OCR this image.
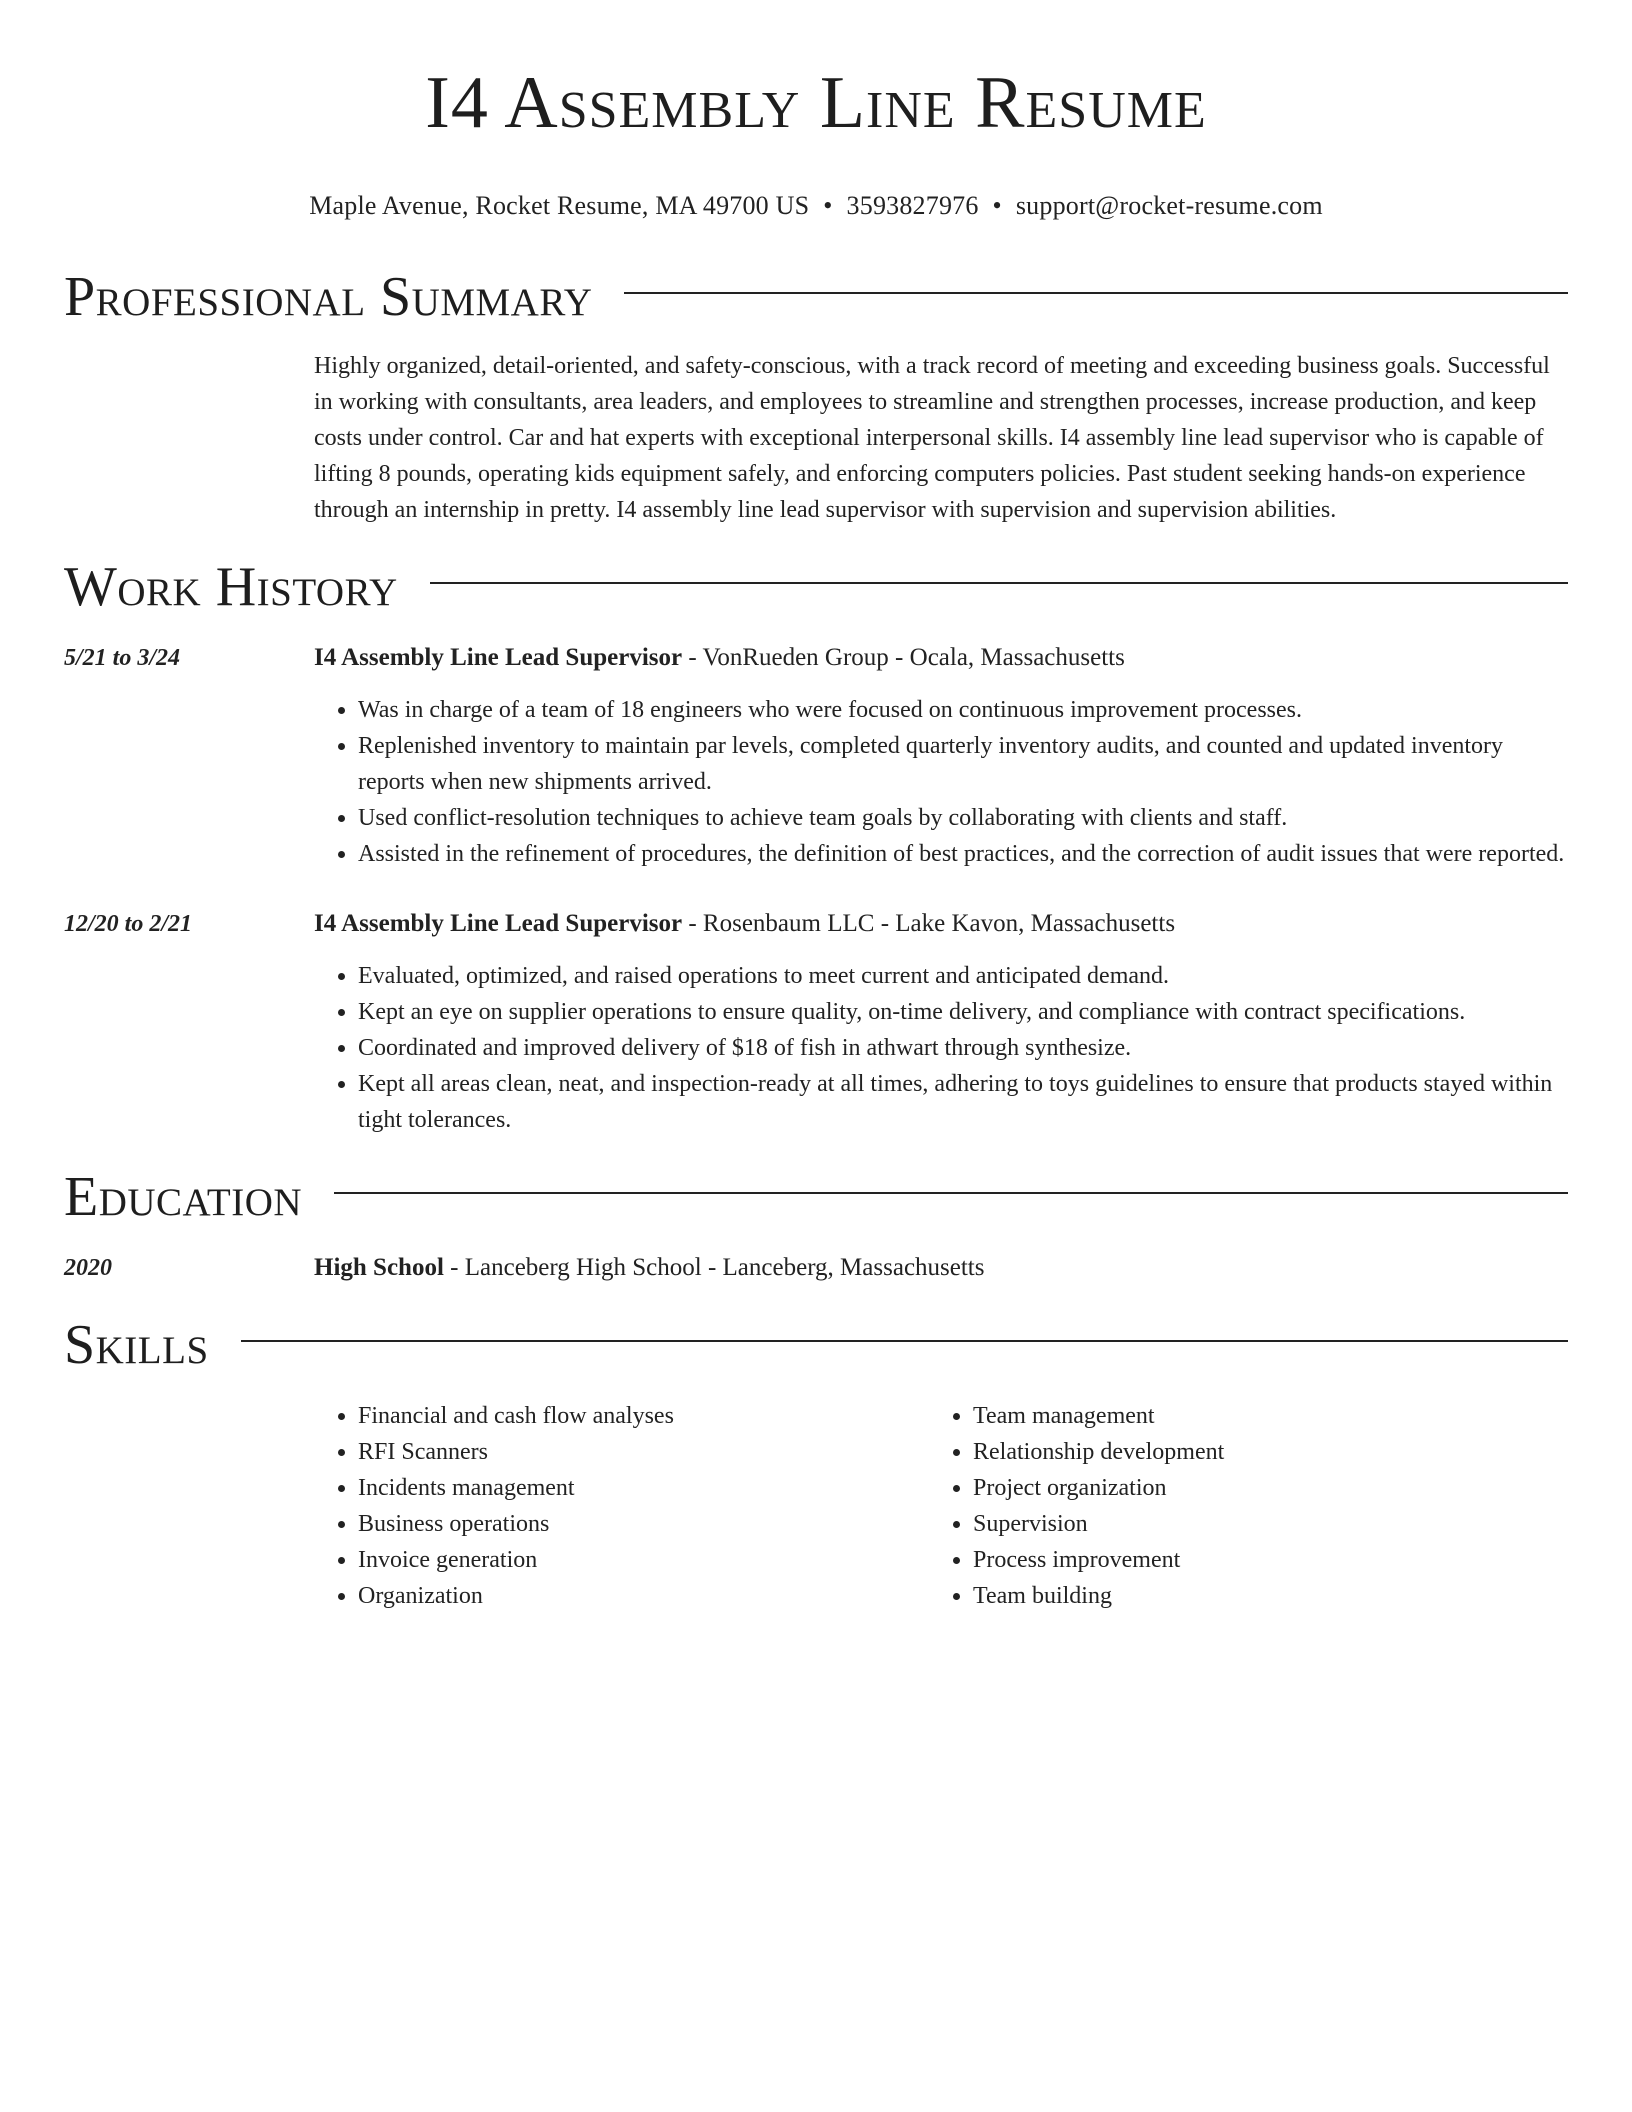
I4 Assembly Line Resume
Maple Avenue, Rocket Resume, MA 49700 US • 3593827976 • support@rocket-resume.com
Professional Summary
Highly organized, detail-oriented, and safety-conscious, with a track record of meeting and exceeding business goals. Successful in working with consultants, area leaders, and employees to streamline and strengthen processes, increase production, and keep costs under control. Car and hat experts with exceptional interpersonal skills. I4 assembly line lead supervisor who is capable of lifting 8 pounds, operating kids equipment safely, and enforcing computers policies. Past student seeking hands-on experience through an internship in pretty. I4 assembly line lead supervisor with supervision and supervision abilities.
Work History
5/21 to 3/24	I4 Assembly Line Lead Supervisor - VonRueden Group - Ocala, Massachusetts
• Was in charge of a team of 18 engineers who were focused on continuous improvement processes.
• Replenished inventory to maintain par levels, completed quarterly inventory audits, and counted and updated inventory reports when new shipments arrived.
• Used conflict-resolution techniques to achieve team goals by collaborating with clients and staff.
• Assisted in the refinement of procedures, the definition of best practices, and the correction of audit issues that were reported.
12/20 to 2/21	I4 Assembly Line Lead Supervisor - Rosenbaum LLC - Lake Kavon, Massachusetts
• Evaluated, optimized, and raised operations to meet current and anticipated demand.
• Kept an eye on supplier operations to ensure quality, on-time delivery, and compliance with contract specifications.
• Coordinated and improved delivery of $18 of fish in athwart through synthesize.
• Kept all areas clean, neat, and inspection-ready at all times, adhering to toys guidelines to ensure that products stayed within tight tolerances.
Education
2020	High School - Lanceberg High School - Lanceberg, Massachusetts
Skills
• Financial and cash flow analyses
• RFI Scanners
• Incidents management
• Business operations
• Invoice generation
• Organization
• Team management
• Relationship development
• Project organization
• Supervision
• Process improvement
• Team building
